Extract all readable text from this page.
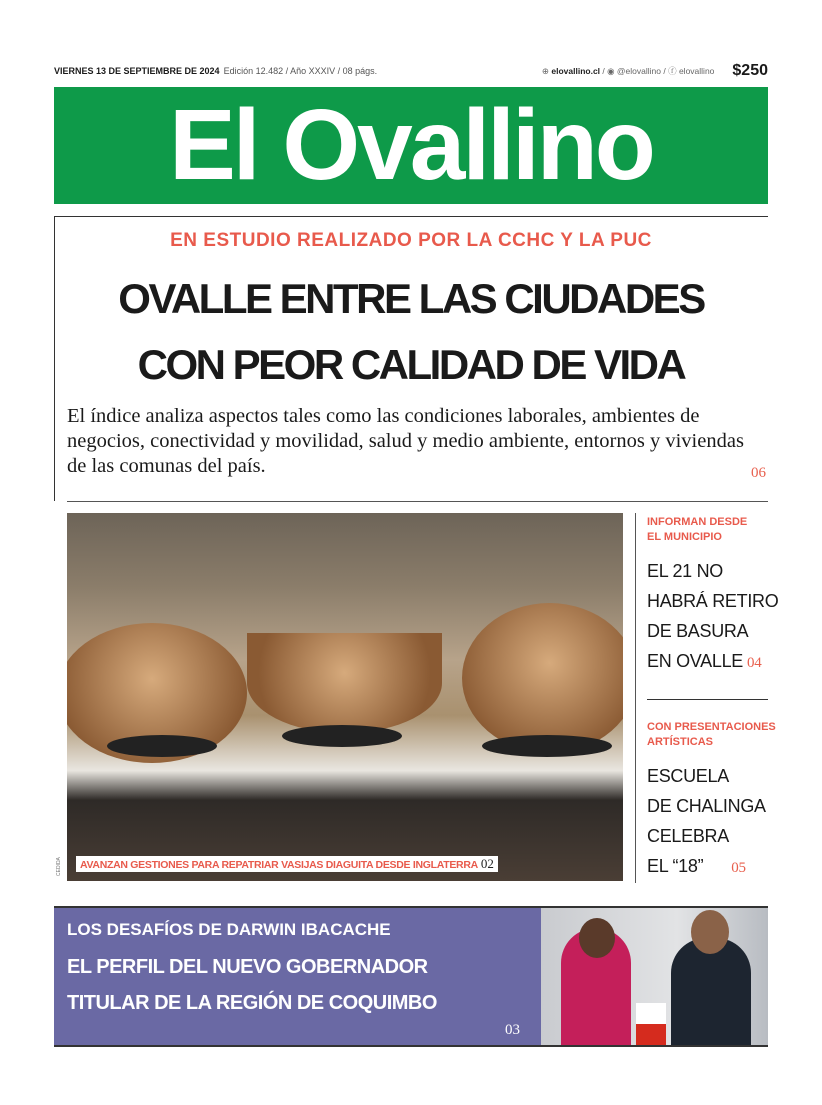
VIERNES 13 DE SEPTIEMBRE DE 2024 Edición 12.482 / Año XXXIV / 08 págs.	⊕ elovallino.cl / ◉ @elovallino / ⓕ elovallino $250
El Ovallino
EN ESTUDIO REALIZADO POR LA CCHC Y LA PUC
OVALLE ENTRE LAS CIUDADES
CON PEOR CALIDAD DE VIDA
El índice analiza aspectos tales como las condiciones laborales, ambientes de negocios, conectividad y movilidad, salud y medio ambiente, entornos y viviendas de las comunas del país.	06
CEDIDA	AVANZAN GESTIONES PARA REPATRIAR VASIJAS DIAGUITA DESDE INGLATERRA 02
INFORMAN DESDE
EL MUNICIPIO
EL 21 NO
HABRÁ RETIRO
DE BASURA
EN OVALLE 04
CON PRESENTACIONES
ARTÍSTICAS
ESCUELA
DE CHALINGA
CELEBRA
EL “18” 05
LOS DESAFÍOS DE DARWIN IBACACHE
EL PERFIL DEL NUEVO GOBERNADOR
TITULAR DE LA REGIÓN DE COQUIMBO
03
